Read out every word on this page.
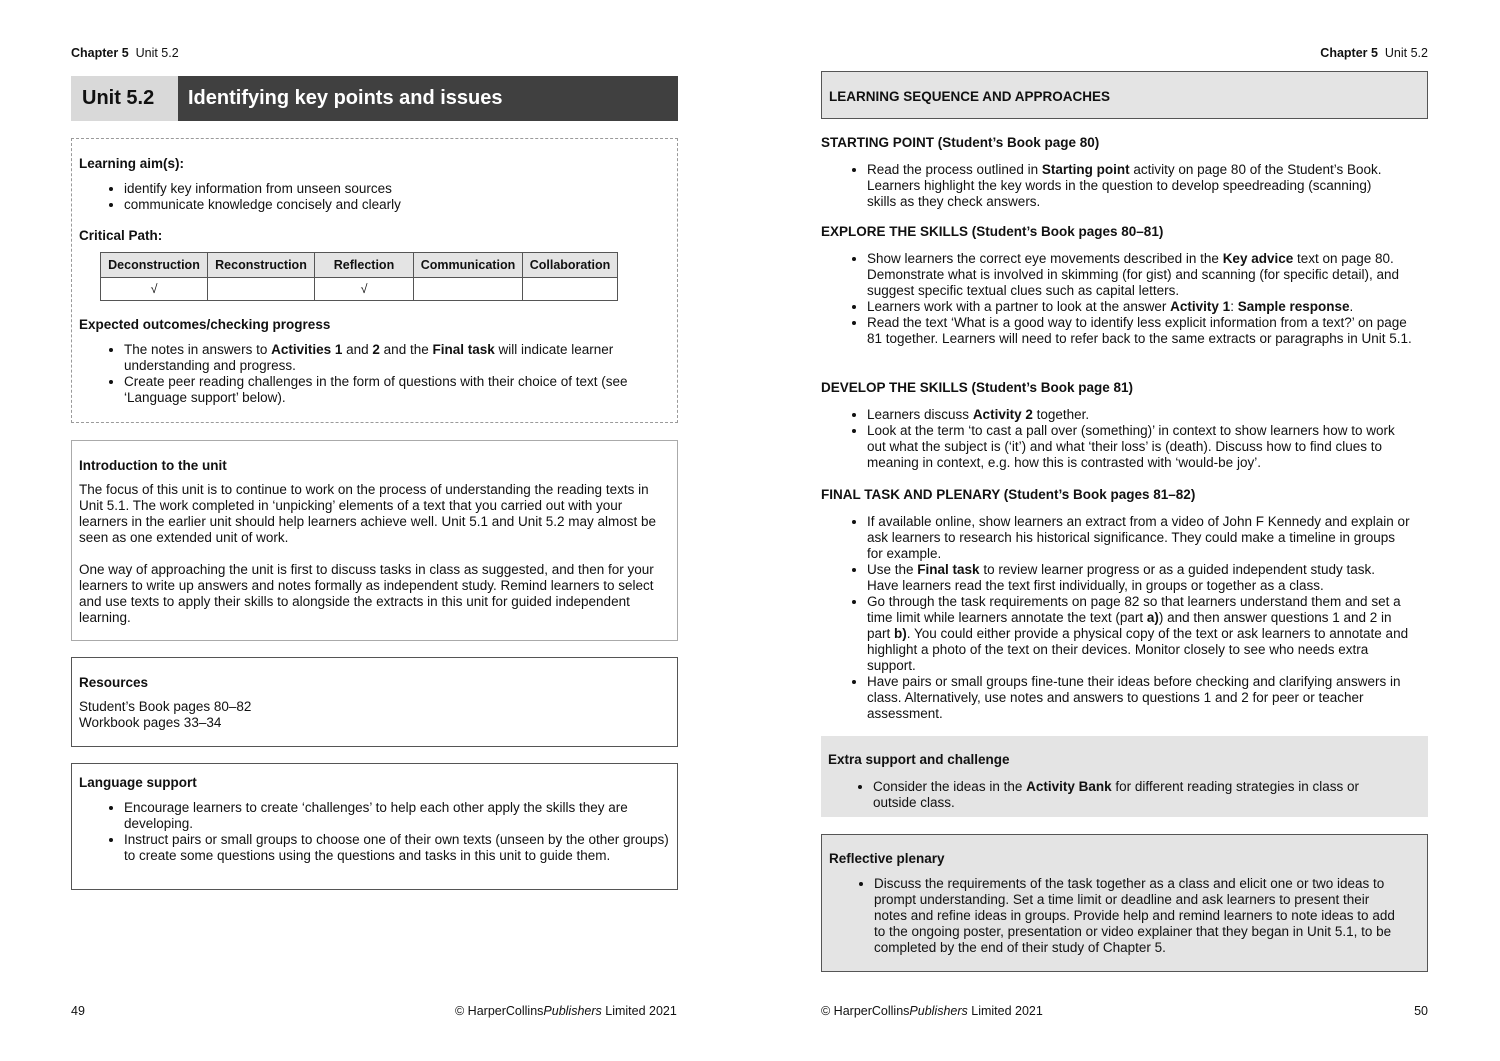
Chapter 5 Unit 5.2
Unit 5.2	Identifying key points and issues

Learning aim(s):

• identify key information from unseen sources
• communicate knowledge concisely and clearly

Critical Path:

Deconstruction	Reconstruction	Reflection	Communication	Collaboration
√		√		

Expected outcomes/checking progress

• The notes in answers to Activities 1 and 2 and the Final task will indicate learner understanding and progress.
• Create peer reading challenges in the form of questions with their choice of text (see ‘Language support’ below).

Introduction to the unit

The focus of this unit is to continue to work on the process of understanding the reading texts in Unit 5.1. The work completed in ‘unpicking’ elements of a text that you carried out with your learners in the earlier unit should help learners achieve well. Unit 5.1 and Unit 5.2 may almost be seen as one extended unit of work.

One way of approaching the unit is first to discuss tasks in class as suggested, and then for your learners to write up answers and notes formally as independent study. Remind learners to select and use texts to apply their skills to alongside the extracts in this unit for guided independent learning.

Resources

Student’s Book pages 80–82

Workbook pages 33–34

Language support

• Encourage learners to create ‘challenges’ to help each other apply the skills they are developing.
• Instruct pairs or small groups to choose one of their own texts (unseen by the other groups) to create some questions using the questions and tasks in this unit to guide them.
49	© HarperCollinsPublishers Limited 2021
Chapter 5 Unit 5.2

LEARNING SEQUENCE AND APPROACHES

STARTING POINT (Student’s Book page 80)

• Read the process outlined in Starting point activity on page 80 of the Student’s Book. Learners highlight the key words in the question to develop speedreading (scanning) skills as they check answers.

EXPLORE THE SKILLS (Student’s Book pages 80–81)

• Show learners the correct eye movements described in the Key advice text on page 80. Demonstrate what is involved in skimming (for gist) and scanning (for specific detail), and suggest specific textual clues such as capital letters.
• Learners work with a partner to look at the answer Activity 1: Sample response.
• Read the text ‘What is a good way to identify less explicit information from a text?’ on page 81 together. Learners will need to refer back to the same extracts or paragraphs in Unit 5.1.

DEVELOP THE SKILLS (Student’s Book page 81)

• Learners discuss Activity 2 together.
• Look at the term ‘to cast a pall over (something)’ in context to show learners how to work out what the subject is (‘it’) and what ‘their loss’ is (death). Discuss how to find clues to meaning in context, e.g. how this is contrasted with ‘would-be joy’.

FINAL TASK AND PLENARY (Student’s Book pages 81–82)

• If available online, show learners an extract from a video of John F Kennedy and explain or ask learners to research his historical significance. They could make a timeline in groups for example.
• Use the Final task to review learner progress or as a guided independent study task. Have learners read the text first individually, in groups or together as a class.
• Go through the task requirements on page 82 so that learners understand them and set a time limit while learners annotate the text (part a)) and then answer questions 1 and 2 in part b). You could either provide a physical copy of the text or ask learners to annotate and highlight a photo of the text on their devices. Monitor closely to see who needs extra support.
• Have pairs or small groups fine-tune their ideas before checking and clarifying answers in class. Alternatively, use notes and answers to questions 1 and 2 for peer or teacher assessment.

Extra support and challenge

• Consider the ideas in the Activity Bank for different reading strategies in class or outside class.

Reflective plenary

• Discuss the requirements of the task together as a class and elicit one or two ideas to prompt understanding. Set a time limit or deadline and ask learners to present their notes and refine ideas in groups. Provide help and remind learners to note ideas to add to the ongoing poster, presentation or video explainer that they began in Unit 5.1, to be completed by the end of their study of Chapter 5.
© HarperCollinsPublishers Limited 2021	50
